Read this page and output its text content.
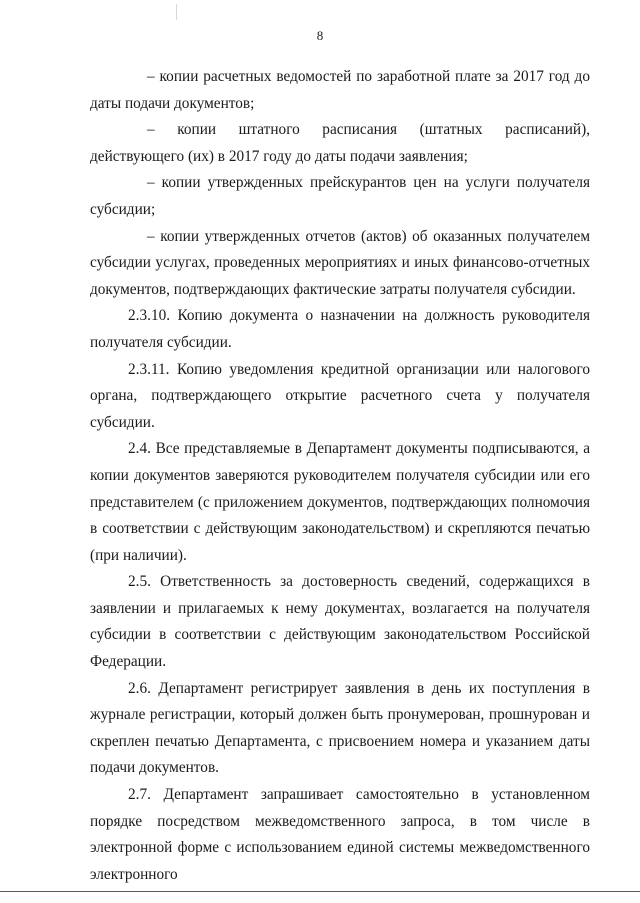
8

– копии расчетных ведомостей по заработной плате за 2017 год до даты подачи документов;

– копии штатного расписания (штатных расписаний), действующего (их) в 2017 году до даты подачи заявления;

– копии утвержденных прейскурантов цен на услуги получателя субсидии;

– копии утвержденных отчетов (актов) об оказанных получателем субсидии услугах, проведенных мероприятиях и иных финансово-отчетных документов, подтверждающих фактические затраты получателя субсидии.

2.3.10. Копию документа о назначении на должность руководителя получателя субсидии.

2.3.11. Копию уведомления кредитной организации или налогового органа, подтверждающего открытие расчетного счета у получателя субсидии.

2.4. Все представляемые в Департамент документы подписываются, а копии документов заверяются руководителем получателя субсидии или его представителем (с приложением документов, подтверждающих полномочия в соответствии с действующим законодательством) и скрепляются печатью (при наличии).

2.5. Ответственность за достоверность сведений, содержащихся в заявлении и прилагаемых к нему документах, возлагается на получателя субсидии в соответствии с действующим законодательством Российской Федерации.

2.6. Департамент регистрирует заявления в день их поступления в журнале регистрации, который должен быть пронумерован, прошнурован и скреплен печатью Департамента, с присвоением номера и указанием даты подачи документов.

2.7. Департамент запрашивает самостоятельно в установленном порядке посредством межведомственного запроса, в том числе в электронной форме с использованием единой системы межведомственного электронного
